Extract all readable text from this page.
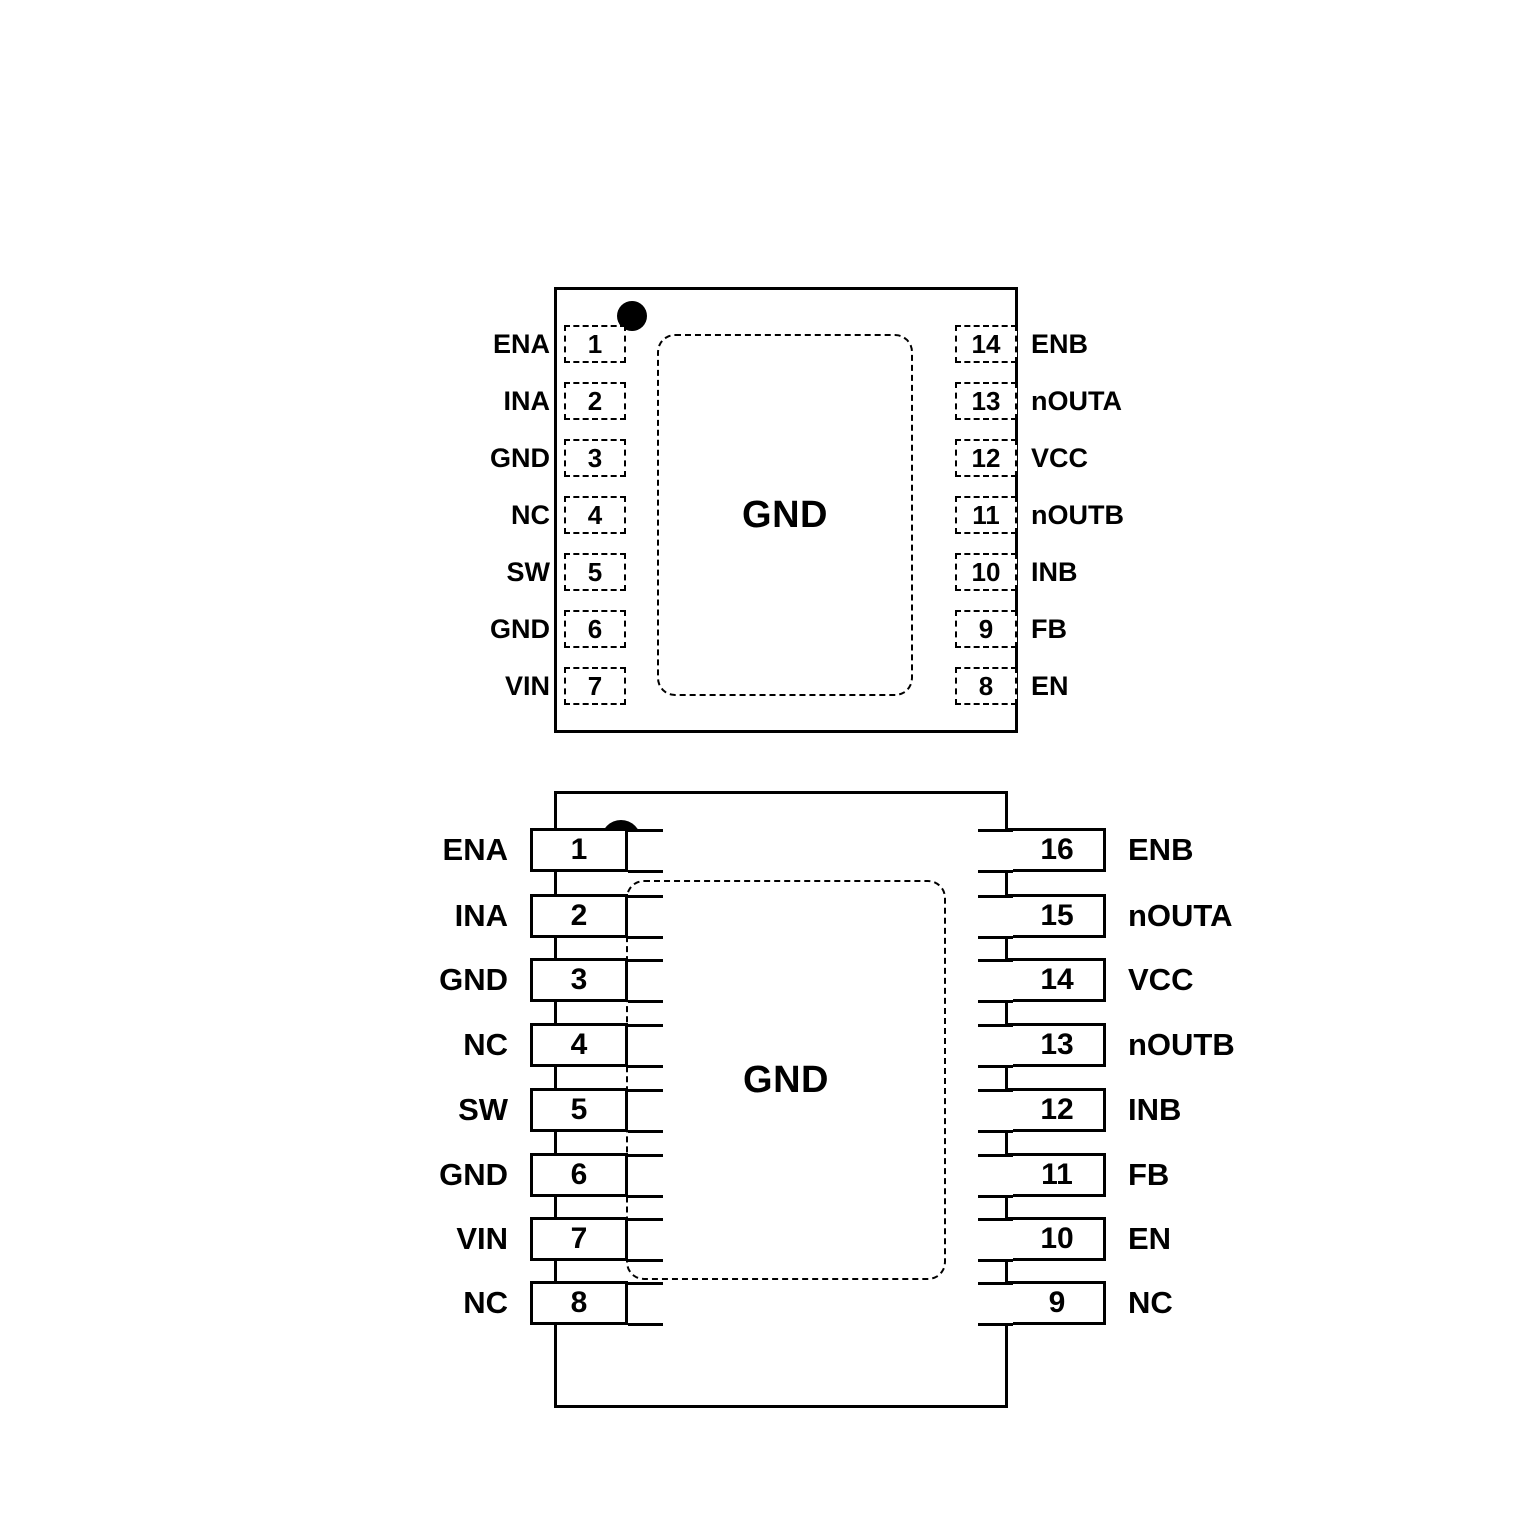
GND
ENA	1
INA	2
GND	3
NC	4
SW	5
GND	6
VIN	7
14	ENB
13	nOUTA
12	VCC
11	nOUTB
10	INB
9	FB
8	EN
GND
ENA	1
INA	2
GND	3
NC	4
SW	5
GND	6
VIN	7
NC	8
16	ENB
15	nOUTA
14	VCC
13	nOUTB
12	INB
11	FB
10	EN
9	NC
